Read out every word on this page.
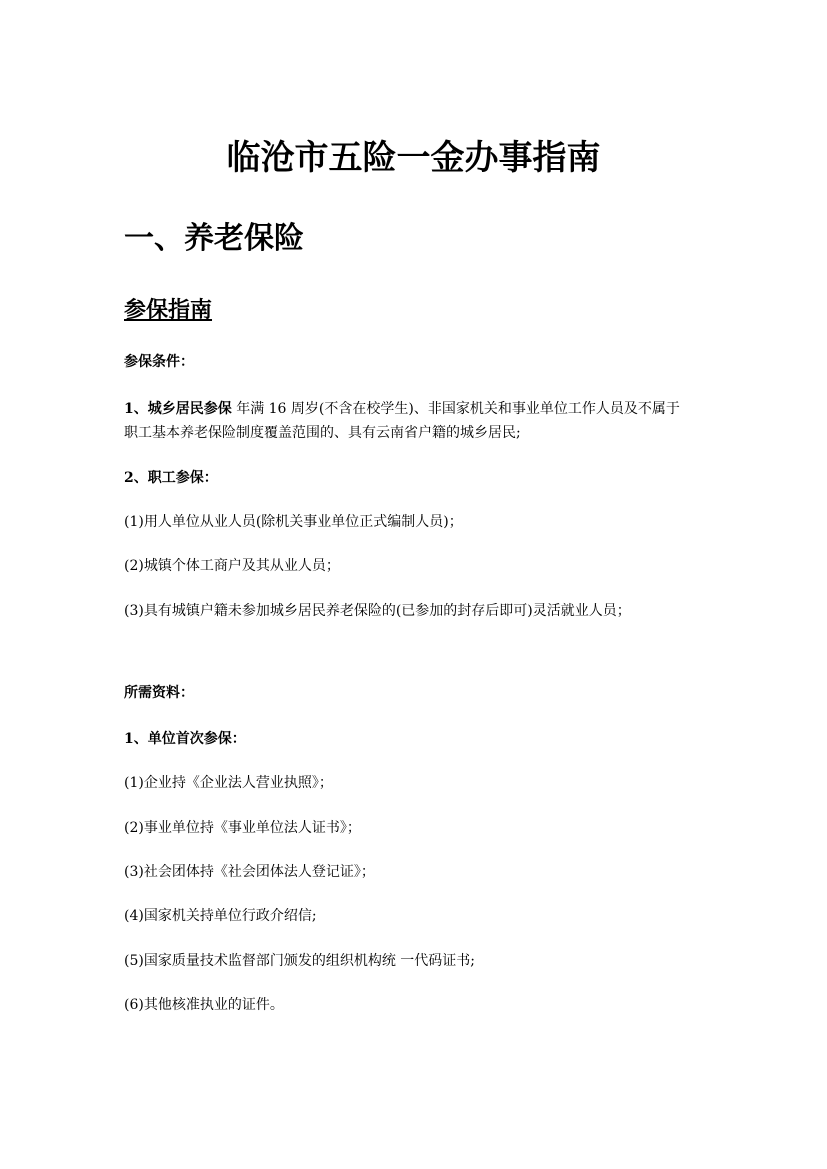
临沧市五险一金办事指南
一、养老保险
参保指南

参保条件：

1、城乡居民参保 年满 16 周岁(不含在校学生)、非国家机关和事业单位工作人员及不属于
职工基本养老保险制度覆盖范围的、具有云南省户籍的城乡居民;

2、职工参保：

(1)用人单位从业人员(除机关事业单位正式编制人员)；

(2)城镇个体工商户及其从业人员；

(3)具有城镇户籍未参加城乡居民养老保险的(已参加的封存后即可)灵活就业人员；

所需资料：

1、单位首次参保：

(1)企业持《企业法人营业执照》；

(2)事业单位持《事业单位法人证书》；

(3)社会团体持《社会团体法人登记证》；

(4)国家机关持单位行政介绍信;

(5)国家质量技术监督部门颁发的组织机构统 一代码证书;

(6)其他核准执业的证件。
